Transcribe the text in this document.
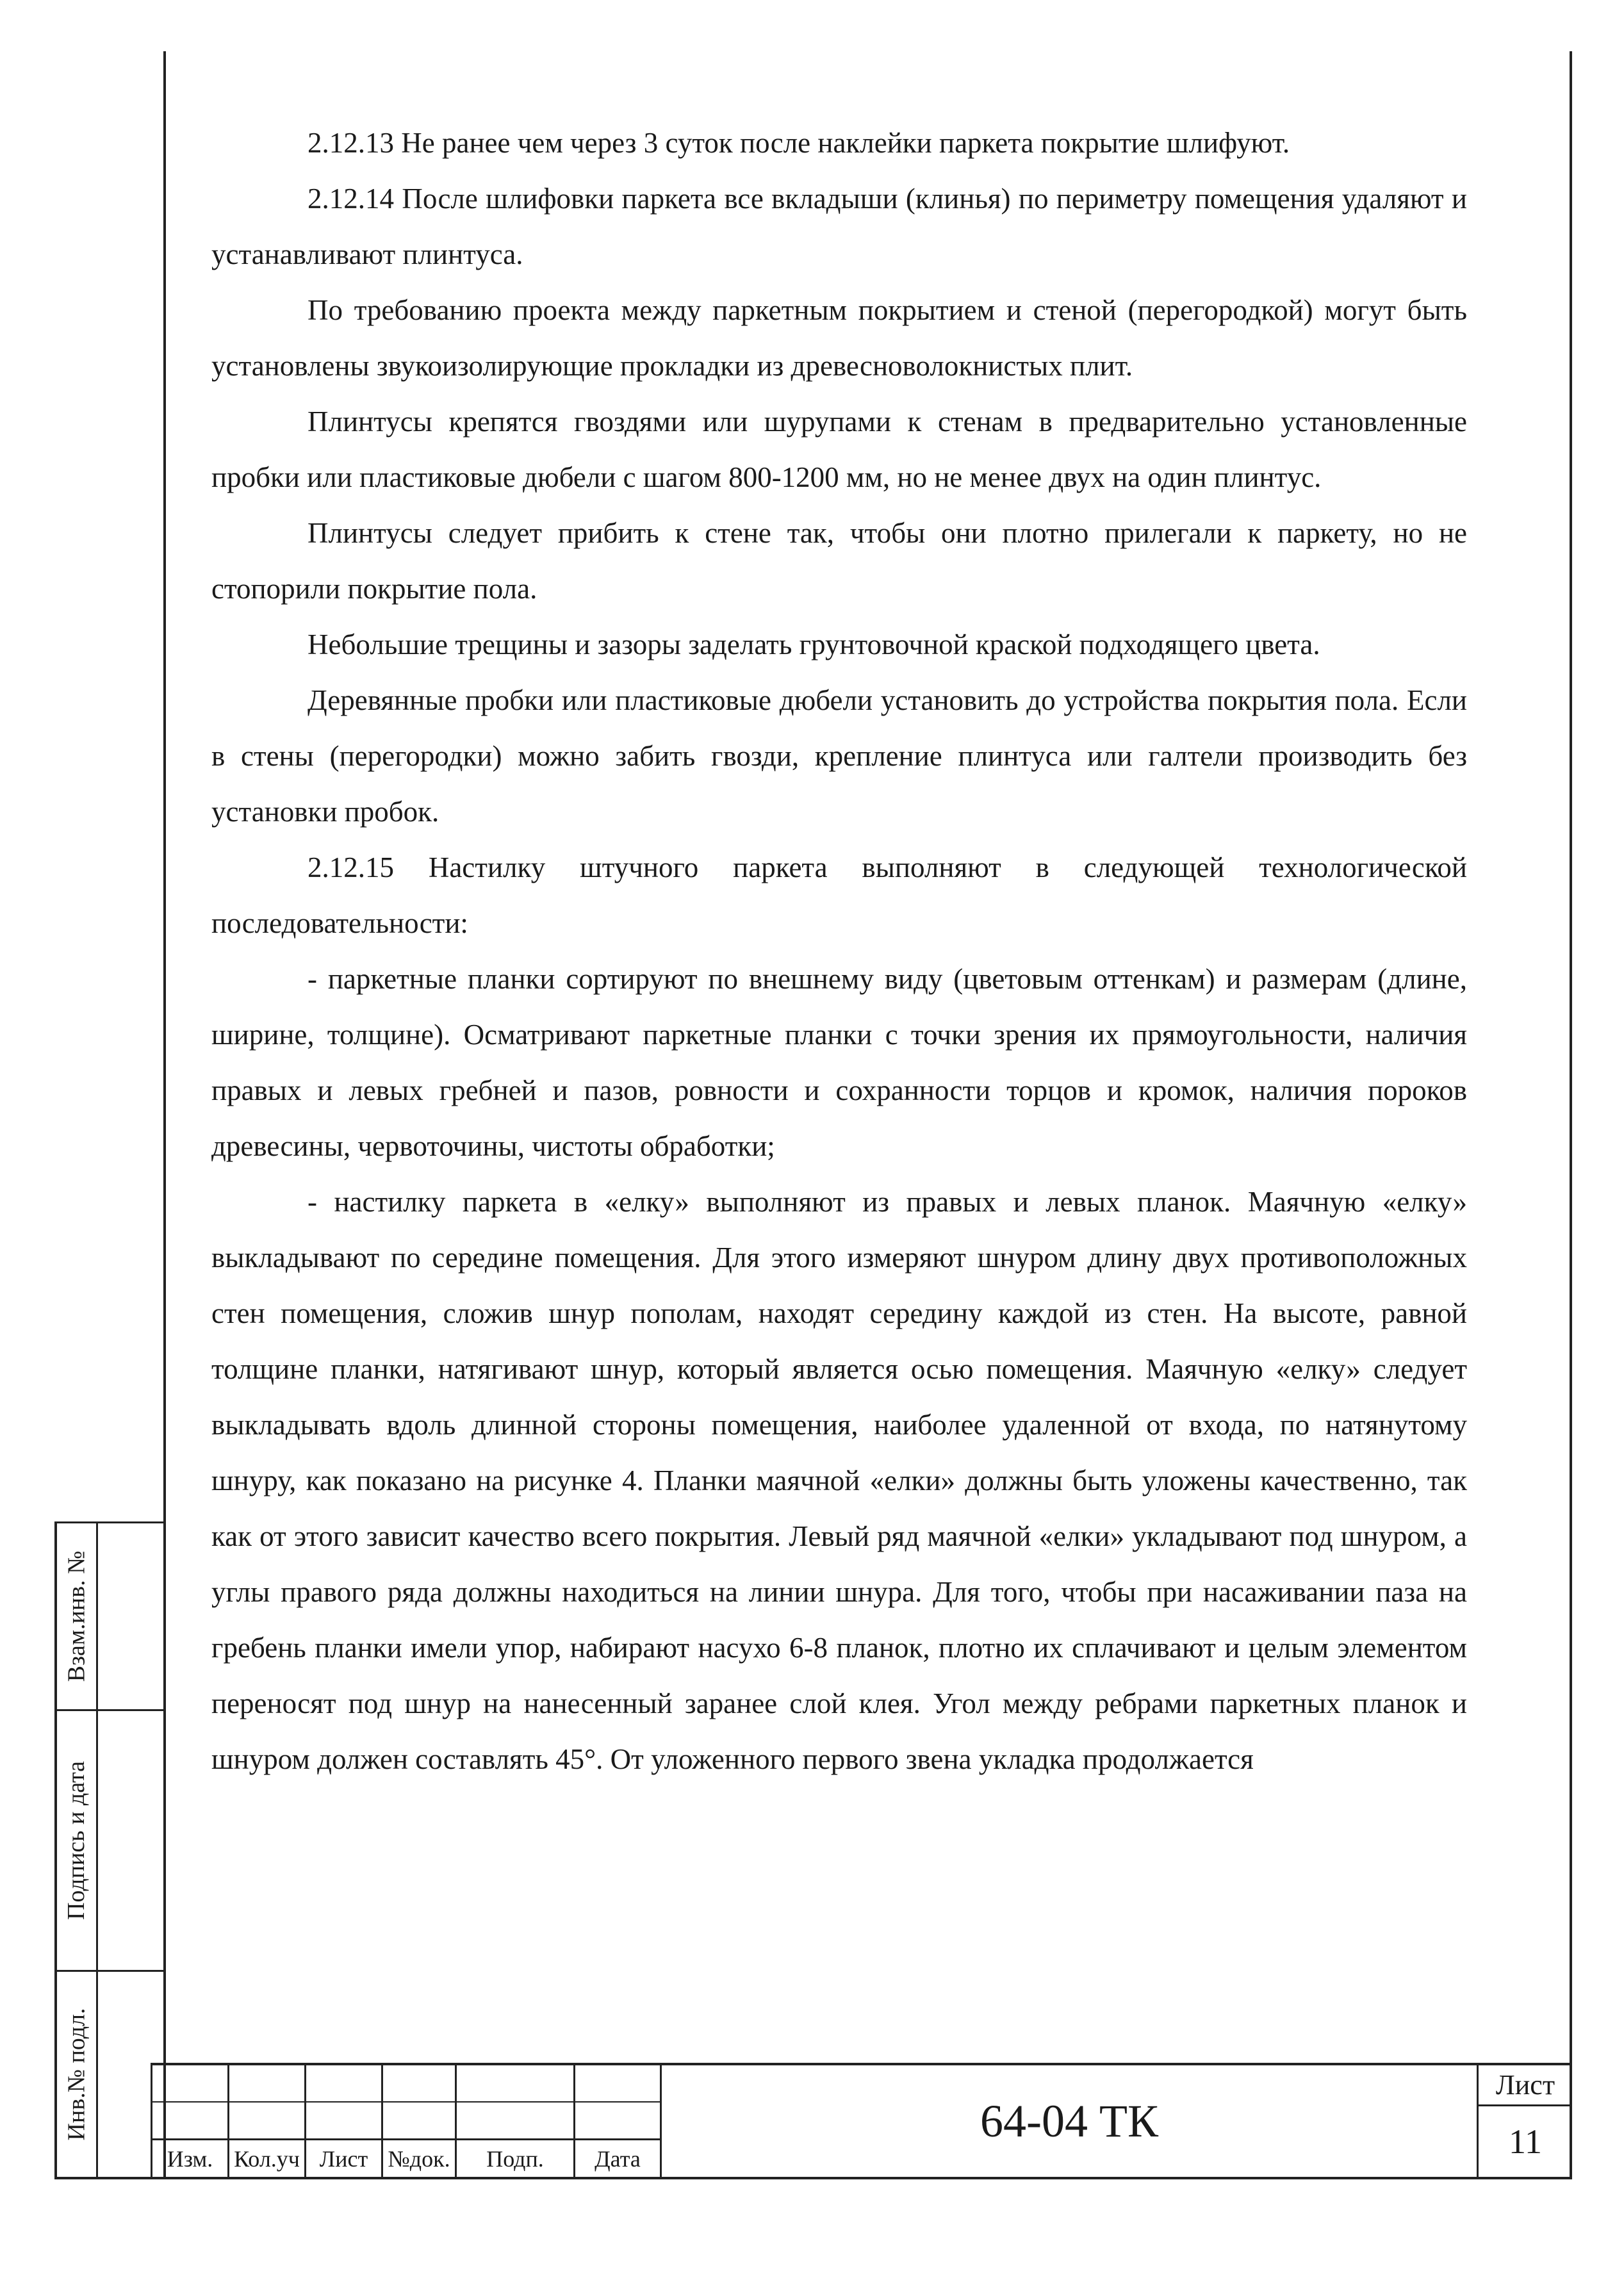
2.12.13 Не ранее чем через 3 суток после наклейки паркета покрытие шлифуют.

2.12.14 После шлифовки паркета все вкладыши (клинья) по периметру помещения удаляют и устанавливают плинтуса.

По требованию проекта между паркетным покрытием и стеной (перегородкой) могут быть установлены звукоизолирующие прокладки из древесноволокнистых плит.

Плинтусы крепятся гвоздями или шурупами к стенам в предварительно установленные пробки или пластиковые дюбели с шагом 800-1200 мм, но не менее двух на один плинтус.

Плинтусы следует прибить к стене так, чтобы они плотно прилегали к паркету, но не стопорили покрытие пола.

Небольшие трещины и зазоры заделать грунтовочной краской подходящего цвета.

Деревянные пробки или пластиковые дюбели установить до устройства покрытия пола. Если в стены (перегородки) можно забить гвозди, крепление плинтуса или галтели производить без установки пробок.

2.12.15 Настилку штучного паркета выполняют в следующей технологической последовательности:

- паркетные планки сортируют по внешнему виду (цветовым оттенкам) и размерам (длине, ширине, толщине). Осматривают паркетные планки с точки зрения их прямоугольности, наличия правых и левых гребней и пазов, ровности и сохранности торцов и кромок, наличия пороков древесины, червоточины, чистоты обработки;

- настилку паркета в «елку» выполняют из правых и левых планок. Маячную «елку» выкладывают по середине помещения. Для этого измеряют шнуром длину двух противоположных стен помещения, сложив шнур пополам, находят середину каждой из стен. На высоте, равной толщине планки, натягивают шнур, который является осью помещения. Маячную «елку» следует выкладывать вдоль длинной стороны помещения, наиболее удаленной от входа, по натянутому шнуру, как показано на рисунке 4. Планки маячной «елки» должны быть уложены качественно, так как от этого зависит качество всего покрытия. Левый ряд маячной «елки» укладывают под шнуром, а углы правого ряда должны находиться на линии шнура. Для того, чтобы при насаживании паза на гребень планки имели упор, набирают насухо 6-8 планок, плотно их сплачивают и целым элементом переносят под шнур на нанесенный заранее слой клея. Угол между ребрами паркетных планок и шнуром должен составлять 45°. От уложенного первого звена укладка продолжается

Взам.инв. №
Подпись и дата
Инв.№ подл.
Изм. Кол.уч Лист №док.	Подп.	Дата
64-04 ТК
Лист
11
